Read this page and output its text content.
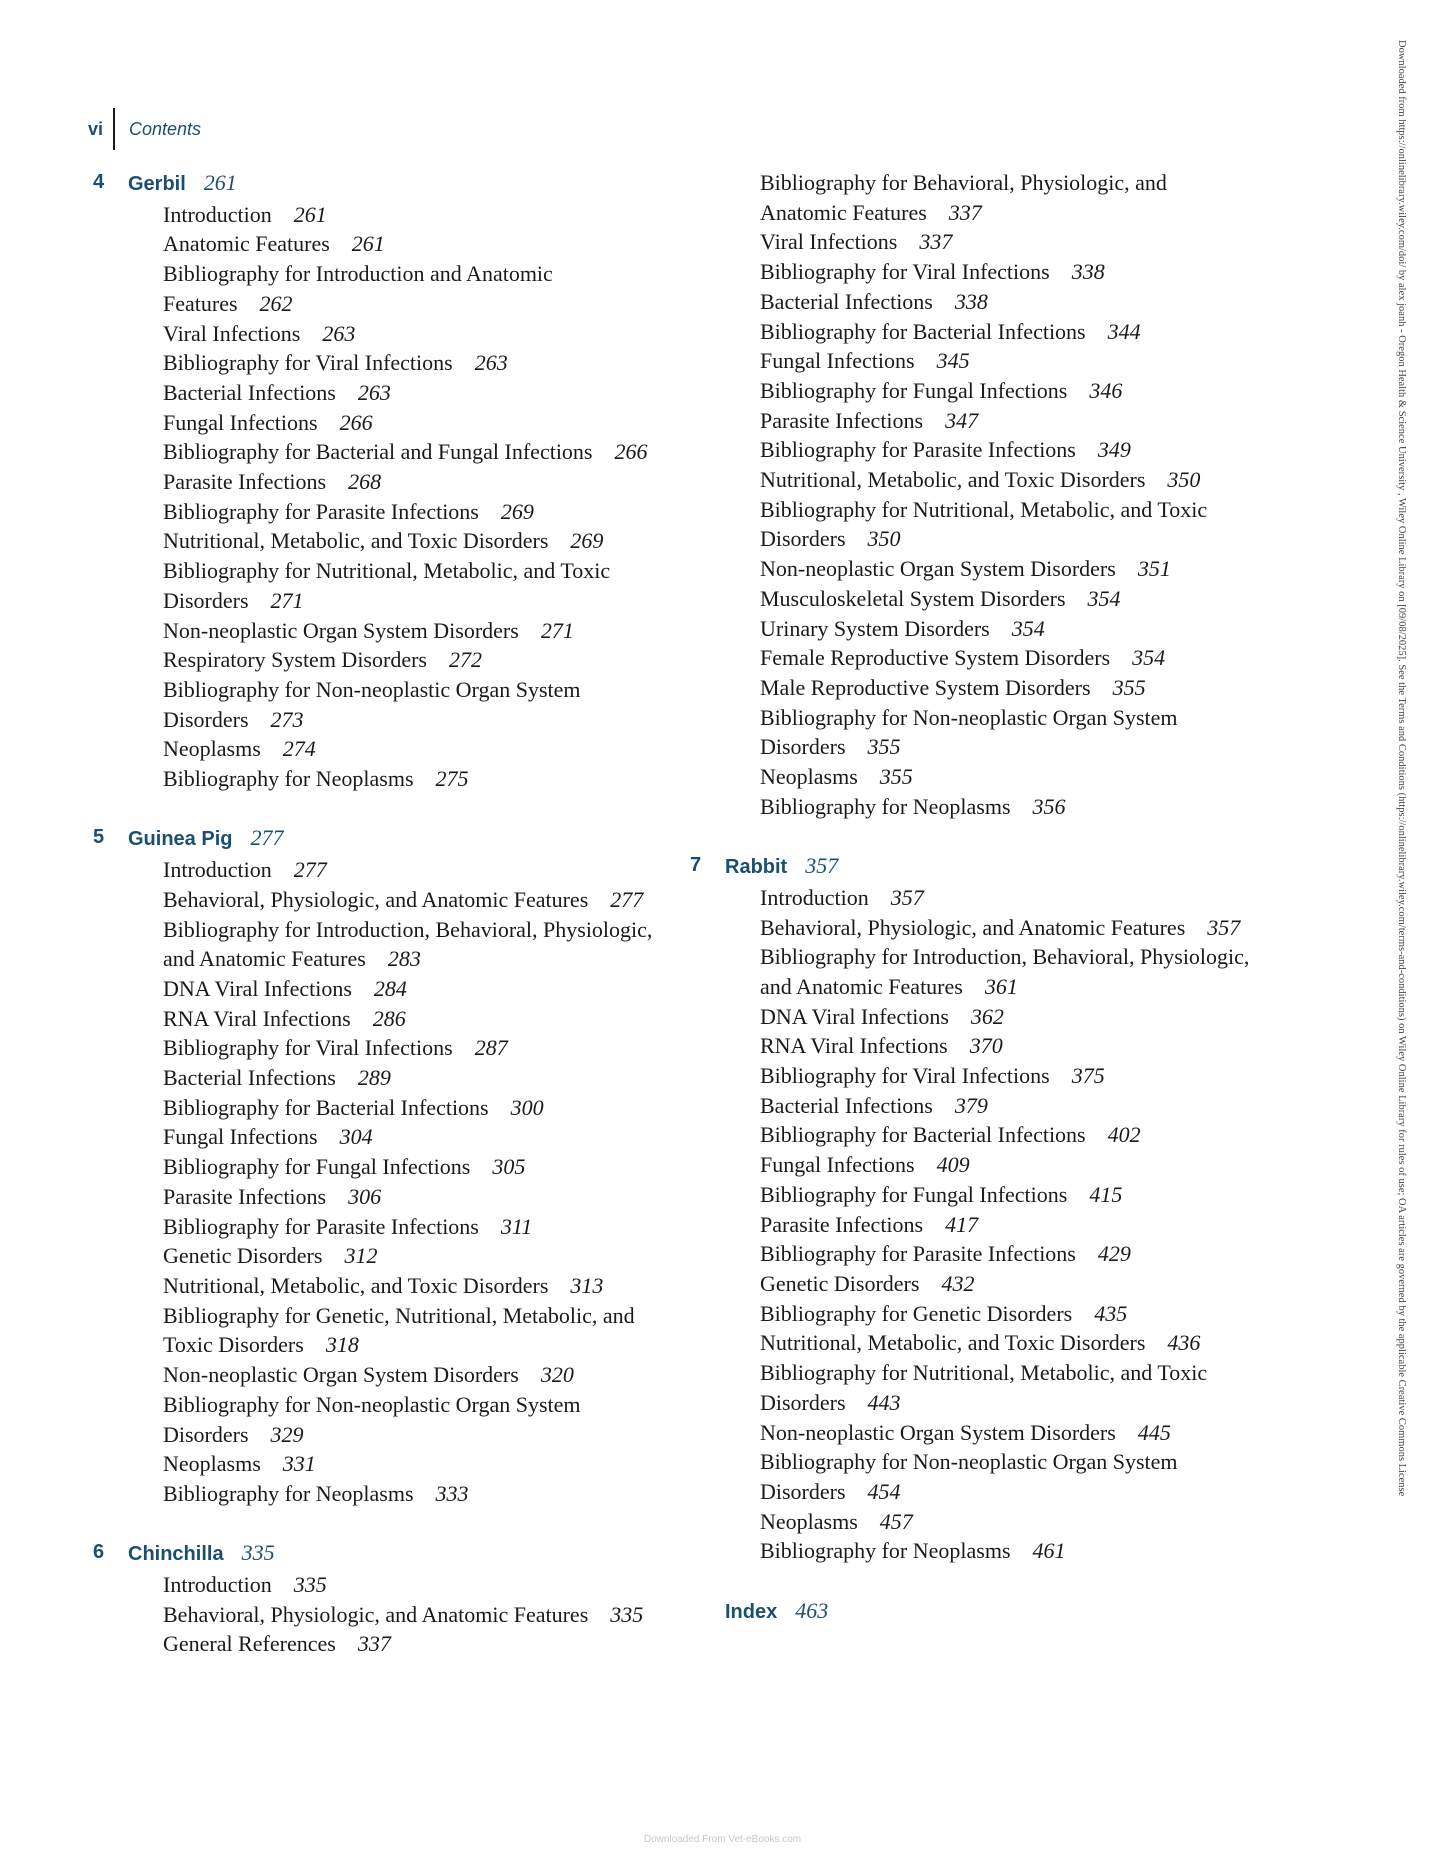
vi	Contents
4 Gerbil 261
Introduction 261
Anatomic Features 261
Bibliography for Introduction and Anatomic
Features 262
Viral Infections 263
Bibliography for Viral Infections 263
Bacterial Infections 263
Fungal Infections 266
Bibliography for Bacterial and Fungal Infections 266
Parasite Infections 268
Bibliography for Parasite Infections 269
Nutritional, Metabolic, and Toxic Disorders 269
Bibliography for Nutritional, Metabolic, and Toxic
Disorders 271
Non-neoplastic Organ System Disorders 271
Respiratory System Disorders 272
Bibliography for Non-neoplastic Organ System
Disorders 273
Neoplasms 274
Bibliography for Neoplasms 275
5 Guinea Pig 277
Introduction 277
Behavioral, Physiologic, and Anatomic Features 277
Bibliography for Introduction, Behavioral, Physiologic,
and Anatomic Features 283
DNA Viral Infections 284
RNA Viral Infections 286
Bibliography for Viral Infections 287
Bacterial Infections 289
Bibliography for Bacterial Infections 300
Fungal Infections 304
Bibliography for Fungal Infections 305
Parasite Infections 306
Bibliography for Parasite Infections 311
Genetic Disorders 312
Nutritional, Metabolic, and Toxic Disorders 313
Bibliography for Genetic, Nutritional, Metabolic, and
Toxic Disorders 318
Non-neoplastic Organ System Disorders 320
Bibliography for Non-neoplastic Organ System
Disorders 329
Neoplasms 331
Bibliography for Neoplasms 333
6 Chinchilla 335
Introduction 335
Behavioral, Physiologic, and Anatomic Features 335
General References 337
Bibliography for Behavioral, Physiologic, and
Anatomic Features 337
Viral Infections 337
Bibliography for Viral Infections 338
Bacterial Infections 338
Bibliography for Bacterial Infections 344
Fungal Infections 345
Bibliography for Fungal Infections 346
Parasite Infections 347
Bibliography for Parasite Infections 349
Nutritional, Metabolic, and Toxic Disorders 350
Bibliography for Nutritional, Metabolic, and Toxic
Disorders 350
Non-neoplastic Organ System Disorders 351
Musculoskeletal System Disorders 354
Urinary System Disorders 354
Female Reproductive System Disorders 354
Male Reproductive System Disorders 355
Bibliography for Non-neoplastic Organ System
Disorders 355
Neoplasms 355
Bibliography for Neoplasms 356
7 Rabbit 357
Introduction 357
Behavioral, Physiologic, and Anatomic Features 357
Bibliography for Introduction, Behavioral, Physiologic,
and Anatomic Features 361
DNA Viral Infections 362
RNA Viral Infections 370
Bibliography for Viral Infections 375
Bacterial Infections 379
Bibliography for Bacterial Infections 402
Fungal Infections 409
Bibliography for Fungal Infections 415
Parasite Infections 417
Bibliography for Parasite Infections 429
Genetic Disorders 432
Bibliography for Genetic Disorders 435
Nutritional, Metabolic, and Toxic Disorders 436
Bibliography for Nutritional, Metabolic, and Toxic
Disorders 443
Non-neoplastic Organ System Disorders 445
Bibliography for Non-neoplastic Organ System
Disorders 454
Neoplasms 457
Bibliography for Neoplasms 461
Index 463
Downloaded from https://onlinelibrary.wiley.com/doi/ by alex joanh - Oregon Health & Science University , Wiley Online Library on [09/08/2025]. See the Terms and Conditions (https://onlinelibrary.wiley.com/terms-and-conditions) on Wiley Online Library for rules of use; OA articles are governed by the applicable Creative Commons License
Downloaded From Vet-eBooks.com
